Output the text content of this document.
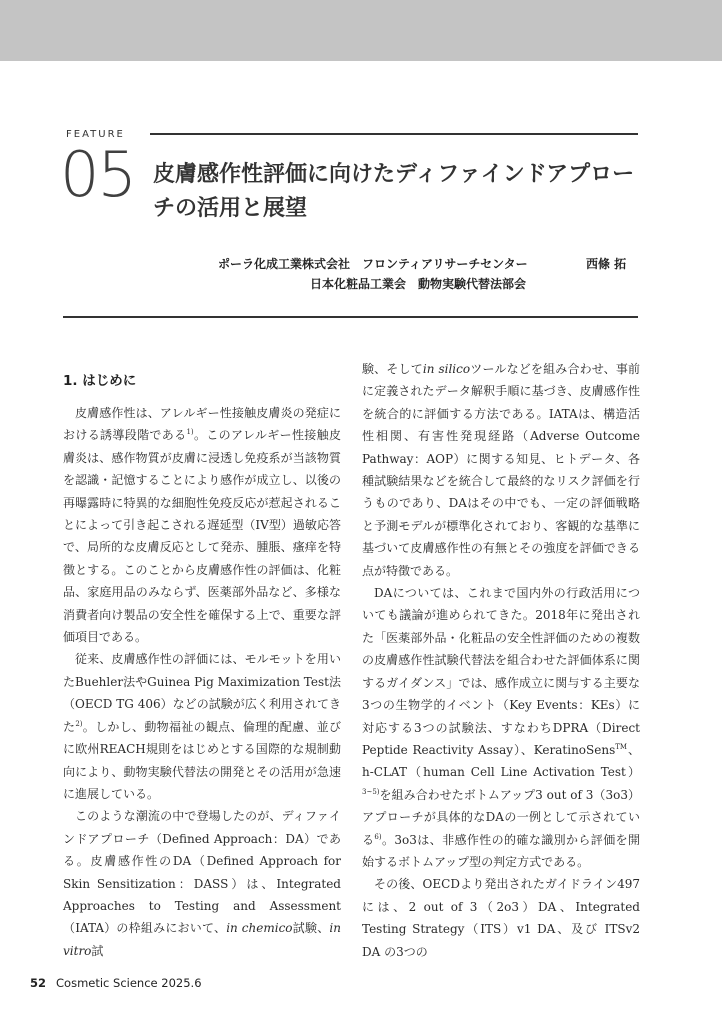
FEATURE
05 皮膚感作性評価に向けたディファインドアプローチの活用と展望
ポーラ化成工業株式会社　フロンティアリサーチセンター	西條 拓
日本化粧品工業会　動物実験代替法部会
1. はじめに

皮膚感作性は、アレルギー性接触皮膚炎の発症における誘導段階である$^{1)}$。このアレルギー性接触皮膚炎は、感作物質が皮膚に浸透し免疫系が当該物質を認識・記憶することにより感作が成立し、以後の再曝露時に特異的な細胞性免疫反応が惹起されることによって引き起こされる遅延型（IV型）過敏応答で、局所的な皮膚反応として発赤、腫脹、瘙痒を特徴とする。このことから皮膚感作性の評価は、化粧品、家庭用品のみならず、医薬部外品など、多様な消費者向け製品の安全性を確保する上で、重要な評価項目である。

従来、皮膚感作性の評価には、モルモットを用いたBuehler法やGuinea Pig Maximization Test法（OECD TG 406）などの試験が広く利用されてきた$^{2)}$。しかし、動物福祉の観点、倫理的配慮、並びに欧州REACH規則をはじめとする国際的な規制動向により、動物実験代替法の開発とその活用が急速に進展している。

このような潮流の中で登場したのが、ディファインドアプローチ（Defined Approach：DA）である。皮膚感作性のDA（Defined Approach for Skin Sensitization：DASS）は、Integrated Approaches to Testing and Assessment（IATA）の枠組みにおいて、in chemico試験、in vitro試

験、そしてin silicoツールなどを組み合わせ、事前に定義されたデータ解釈手順に基づき、皮膚感作性を統合的に評価する方法である。IATAは、構造活性相関、有害性発現経路（Adverse Outcome Pathway：AOP）に関する知見、ヒトデータ、各種試験結果などを統合して最終的なリスク評価を行うものであり、DAはその中でも、一定の評価戦略と予測モデルが標準化されており、客観的な基準に基づいて皮膚感作性の有無とその強度を評価できる点が特徴である。

DAについては、これまで国内外の行政活用についても議論が進められてきた。2018年に発出された「医薬部外品・化粧品の安全性評価のための複数の皮膚感作性試験代替法を組合わせた評価体系に関するガイダンス」では、感作成立に関与する主要な3つの生物学的イベント（Key Events：KEs）に対応する3つの試験法、すなわちDPRA（Direct Peptide Reactivity Assay）、KeratinoSens™、h-CLAT（human Cell Line Activation Test）$^{3\sim 5)}$を組み合わせたボトムアップ3 out of 3（3o3）アプローチが具体的なDAの一例として示されている$^{6)}$。3o3は、非感作性の的確な識別から評価を開始するボトムアップ型の判定方式である。

その後、OECDより発出されたガイドライン497には、2 out of 3（2o3）DA、Integrated Testing Strategy（ITS）v1 DA、及び ITSv2 DA の3つの

52 Cosmetic Science 2025.6
